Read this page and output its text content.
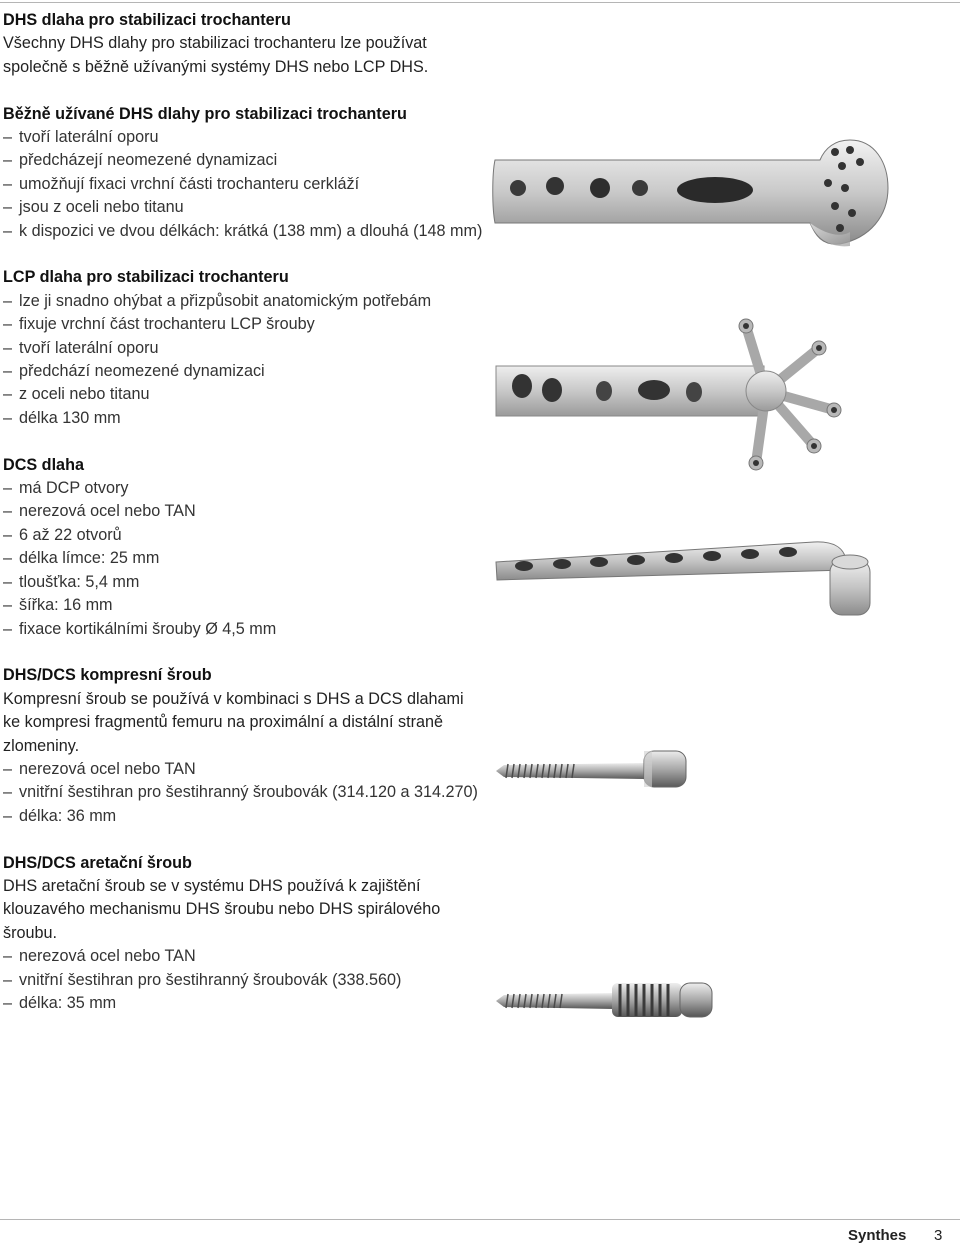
DHS dlaha pro stabilizaci trochanteru

Všechny DHS dlahy pro stabilizaci trochanteru lze používat společně s běžně užívanými systémy DHS nebo LCP DHS.

Běžně užívané DHS dlahy pro stabilizaci trochanteru
– tvoří laterální oporu
– předcházejí neomezené dynamizaci
– umožňují fixaci vrchní části trochanteru cerkláží
– jsou z oceli nebo titanu
– k dispozici ve dvou délkách: krátká (138 mm) a dlouhá (148 mm)
LCP dlaha pro stabilizaci trochanteru
– lze ji snadno ohýbat a přizpůsobit anatomickým potřebám
– fixuje vrchní část trochanteru LCP šrouby
– tvoří laterální oporu
– předchází neomezené dynamizaci
– z oceli nebo titanu
– délka 130 mm
DCS dlaha
– má DCP otvory
– nerezová ocel nebo TAN
– 6 až 22 otvorů
– délka límce: 25 mm
– tloušťka: 5,4 mm
– šířka: 16 mm
– fixace kortikálními šrouby Ø 4,5 mm
DHS/DCS kompresní šroub

Kompresní šroub se používá v kombinaci s DHS a DCS dlahami ke kompresi fragmentů femuru na proximální a distální straně zlomeniny.

– nerezová ocel nebo TAN
– vnitřní šestihran pro šestihranný šroubovák (314.120 a 314.270)
– délka: 36 mm
DHS/DCS aretační šroub

DHS aretační šroub se v systému DHS používá k zajištění klouzavého mechanismu DHS šroubu nebo DHS spirálového šroubu.

– nerezová ocel nebo TAN
– vnitřní šestihran pro šestihranný šroubovák (338.560)
– délka: 35 mm
Synthes 3
